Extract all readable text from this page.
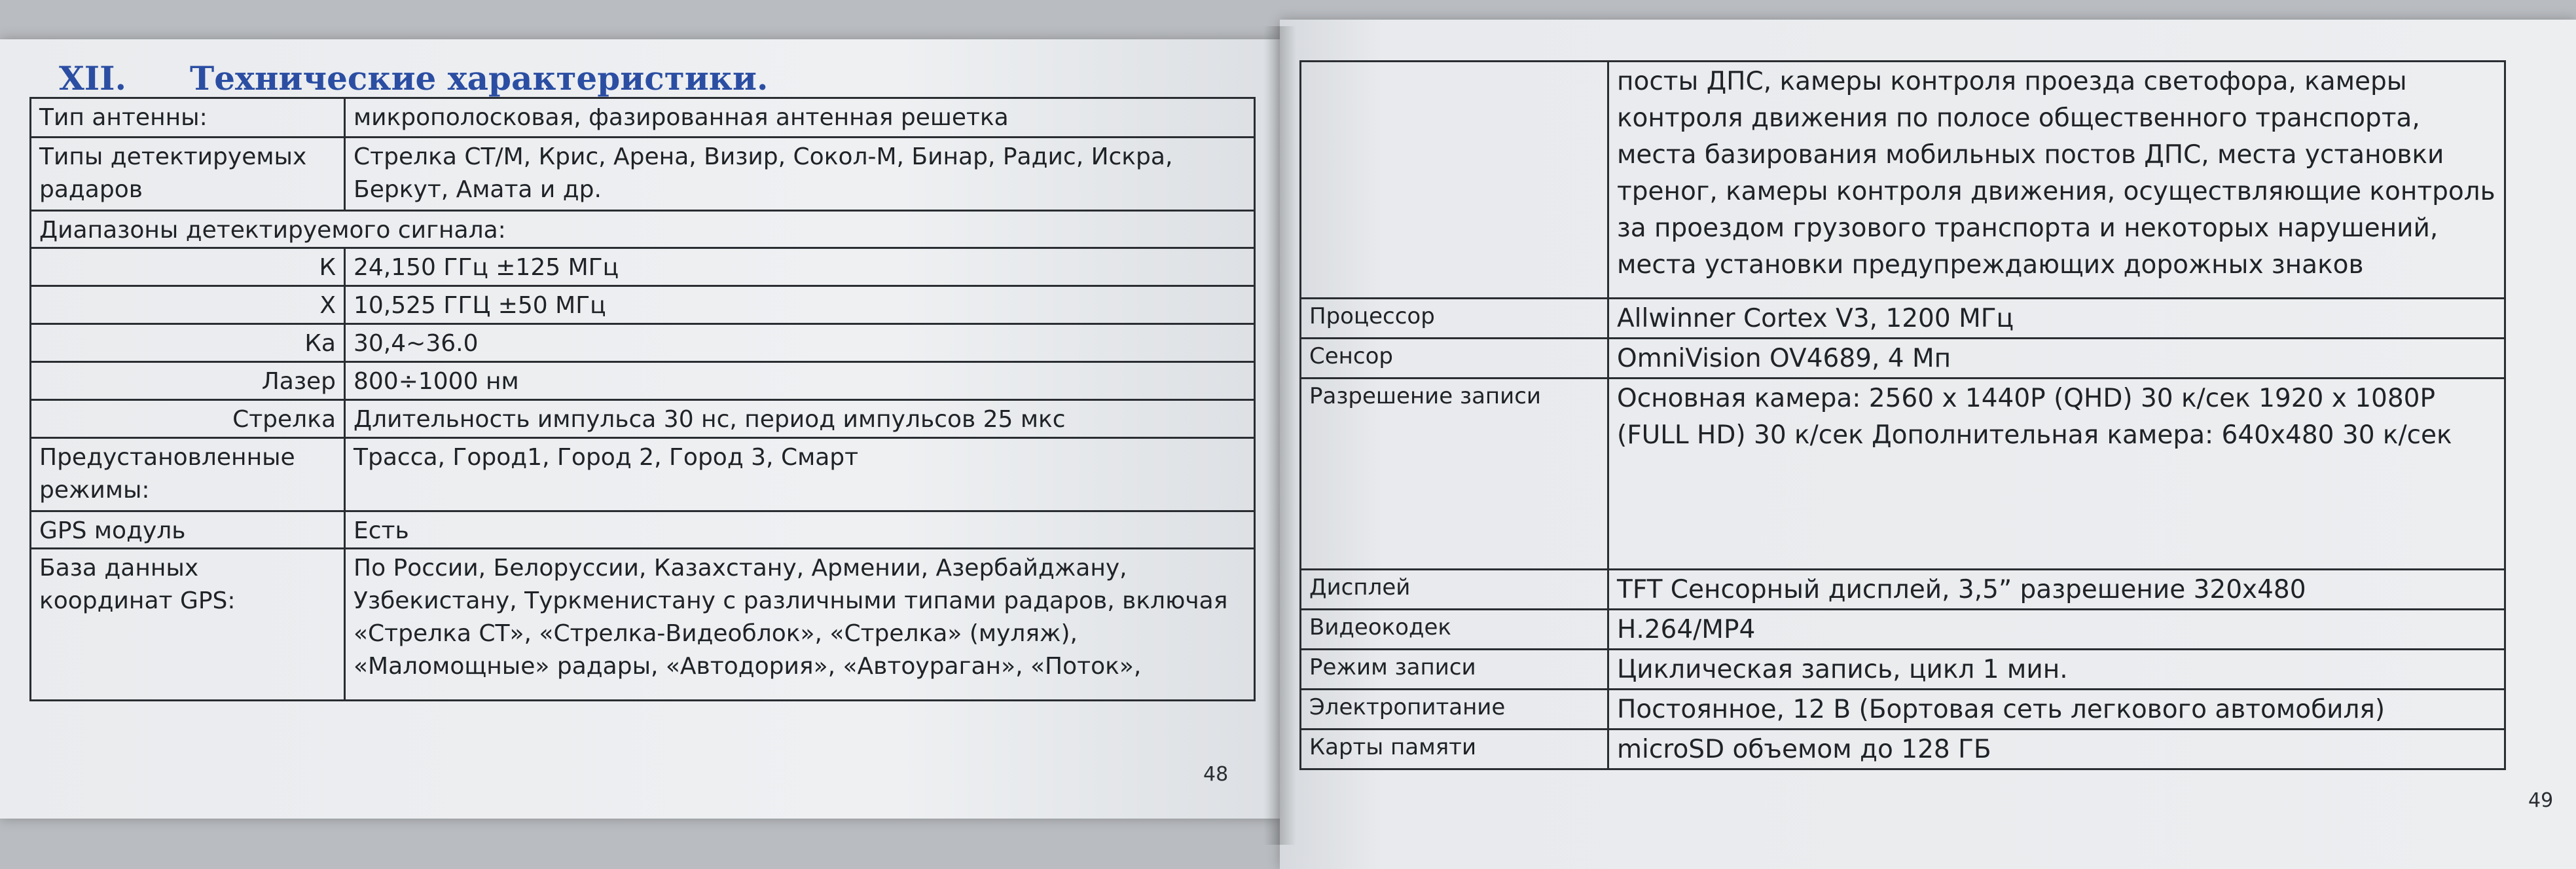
XII. Технические характеристики.
Тип антенны:	микрополосковая, фазированная антенная решетка
Типы детектируемых радаров	Стрелка СТ/М, Крис, Арена, Визир, Сокол-М, Бинар, Радис, Искра, Беркут, Амата и др.
Диапазоны детектируемого сигнала:	
К	24,150 ГГц ±125 МГц
Х	10,525 ГГЦ ±50 МГц
Ка	30,4~36.0
Лазер	800÷1000 нм
Стрелка	Длительность импульса 30 нс, период импульсов 25 мкс
Предустановленные режимы:	Трасса, Город1, Город 2, Город 3, Смарт
GPS модуль	Есть
База данных координат GPS:	По России, Белоруссии, Казахстану, Армении, Азербайджану, Узбекистану, Туркменистану с различными типами радаров, включая «Стрелка СТ», «Стрелка-Видеоблок», «Стрелка» (муляж), «Маломощные» радары, «Автодория», «Автоураган», «Поток»,
48
	посты ДПС, камеры контроля проезда светофора, камеры контроля движения по полосе общественного транспорта, места базирования мобильных постов ДПС, места установки треног, камеры контроля движения, осуществляющие контроль за проездом грузового транспорта и некоторых нарушений, места установки предупреждающих дорожных знаков
Процессор	Allwinner Cortex V3, 1200 МГц
Сенсор	OmniVision OV4689, 4 Мп
Разрешение записи	Основная камера: 2560 х 1440Р (QHD) 30 к/сек 1920 х 1080Р (FULL HD) 30 к/сек Дополнительная камера: 640х480 30 к/сек
Дисплей	TFT Сенсорный дисплей, 3,5” разрешение 320х480
Видеокодек	Н.264/MP4
Режим записи	Циклическая запись, цикл 1 мин.
Электропитание	Постоянное, 12 В (Бортовая сеть легкового автомобиля)
Карты памяти	microSD объемом до 128 ГБ
49
